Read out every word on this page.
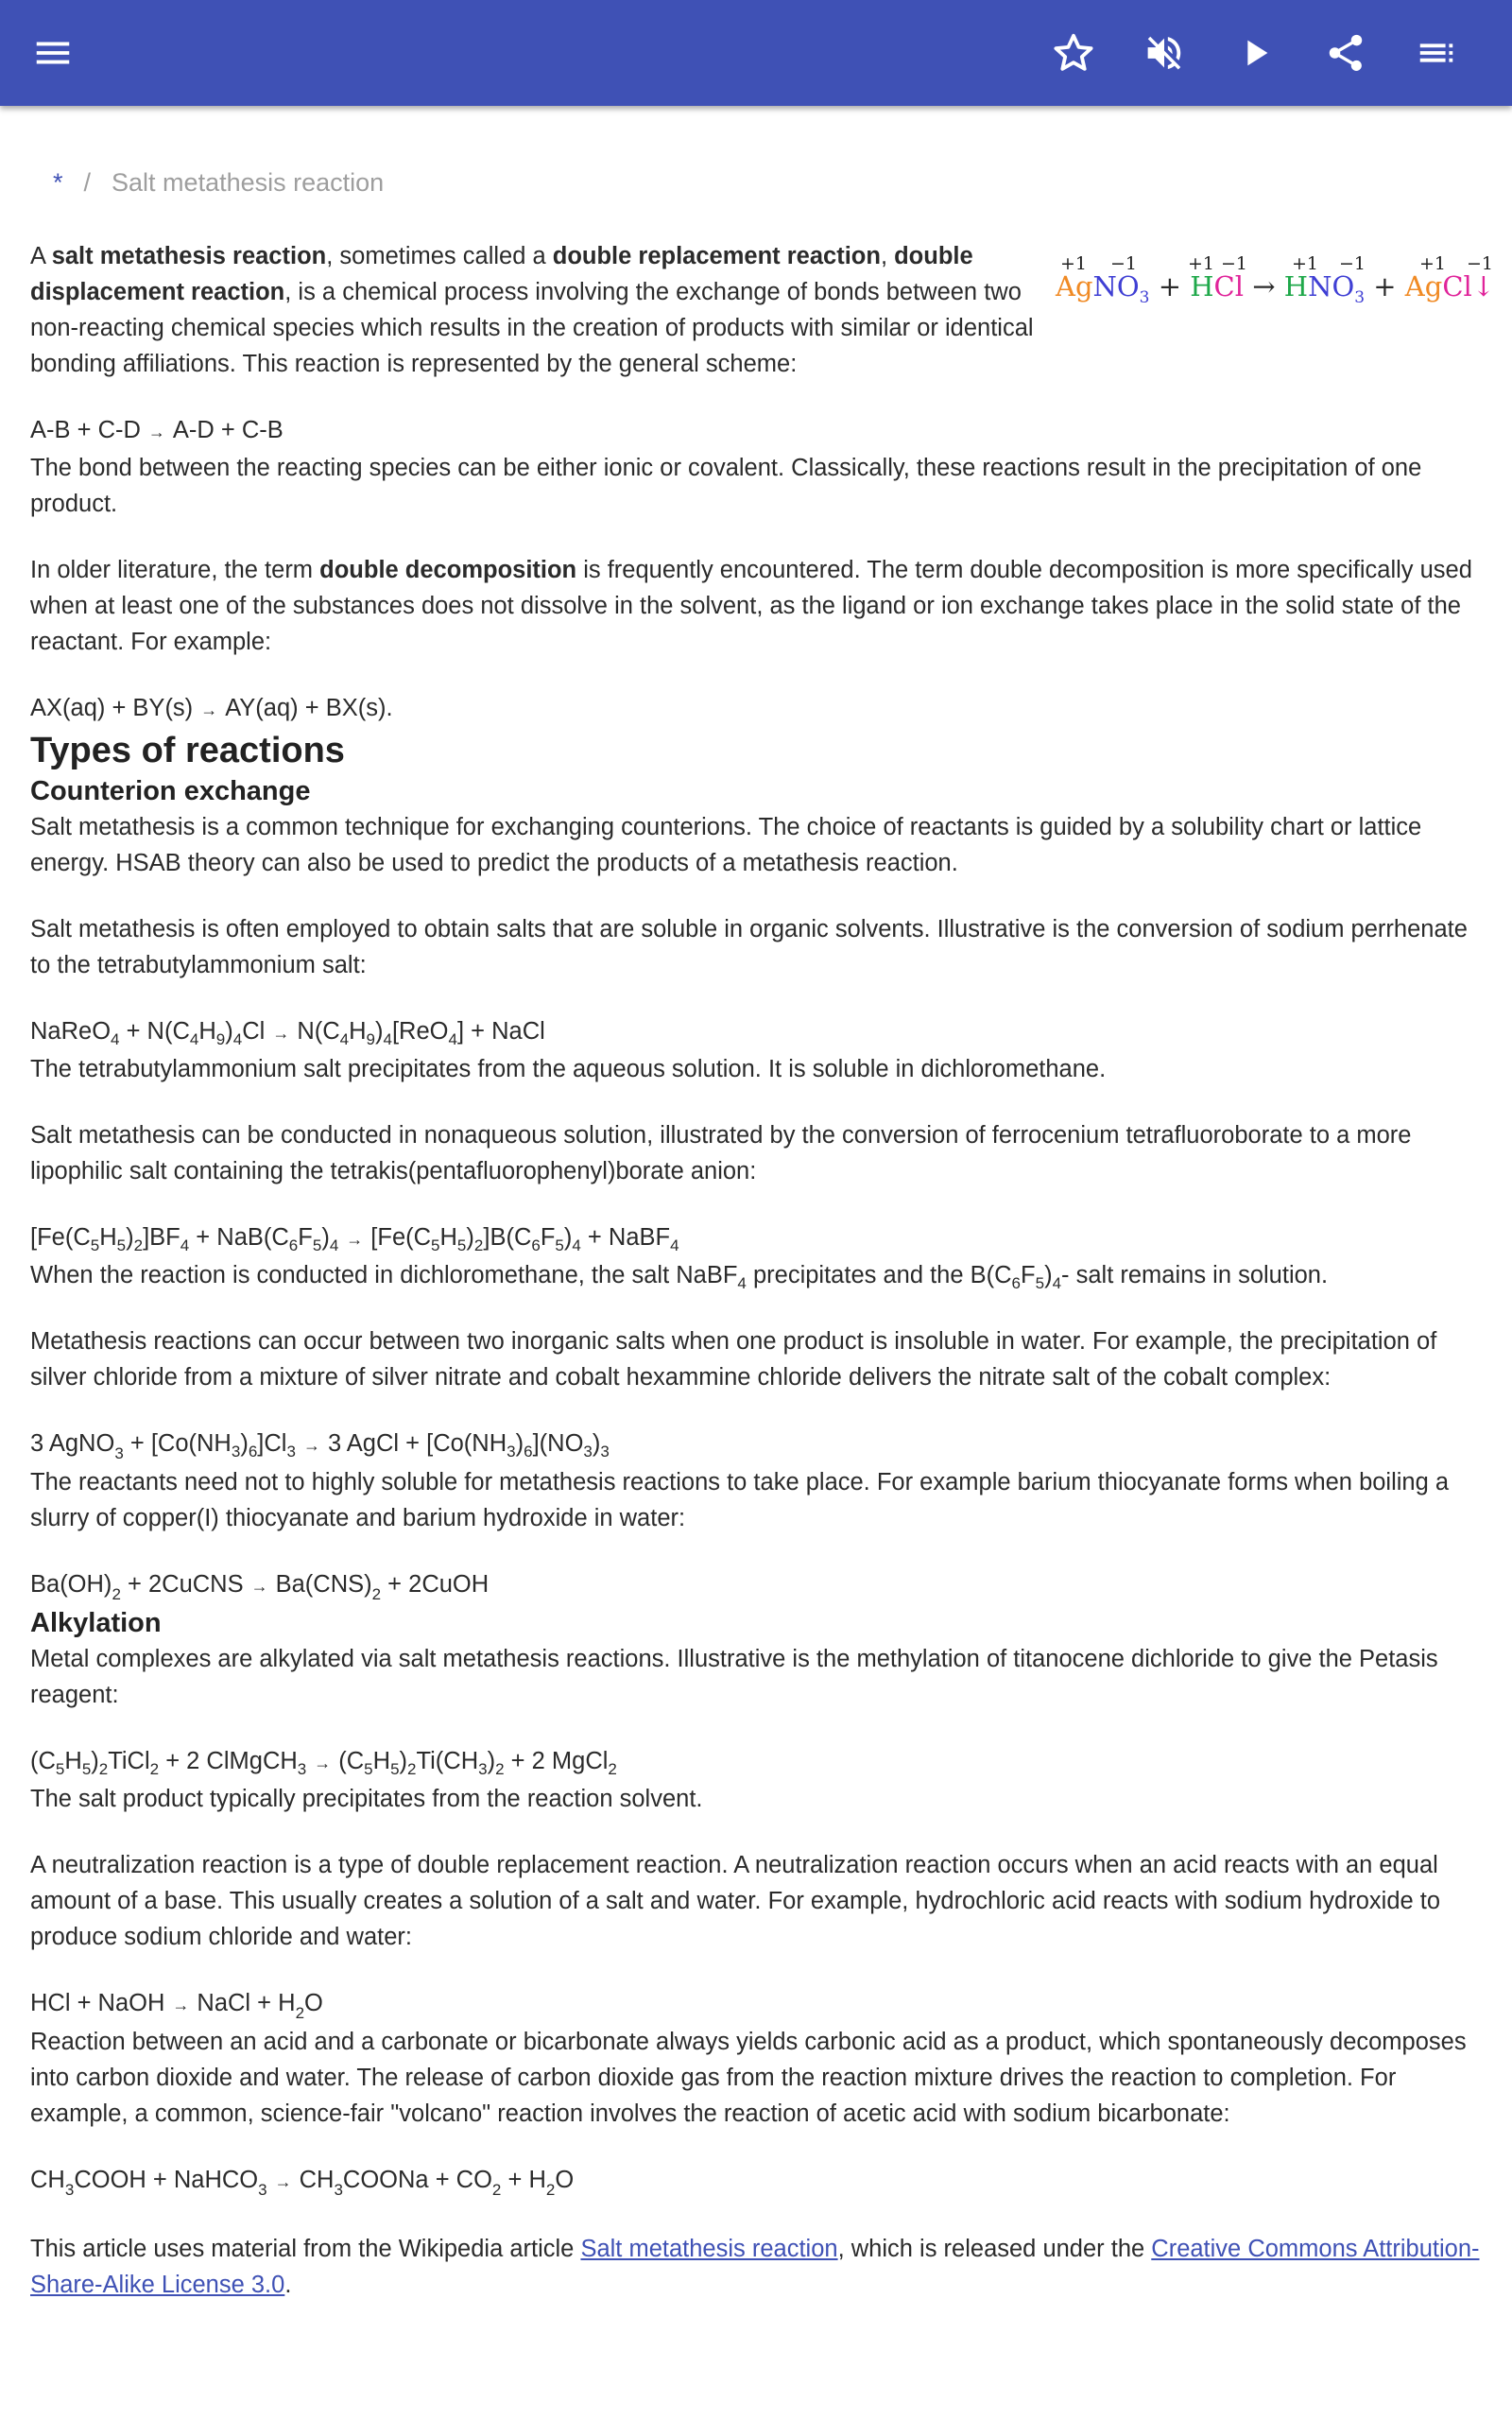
* / Salt metathesis reaction
+1 −1	+1 −1 +1 −1	+1 −1
AgNO$_3$ + HCl → $HNO_3$ + AgCl↓

A salt metathesis reaction, sometimes called a double replacement reaction, double displacement reaction, is a chemical process involving the exchange of bonds between two non-reacting chemical species which results in the creation of products with similar or identical bonding affiliations. This reaction is represented by the general scheme:

A-B + C-D → A-D + C-B

The bond between the reacting species can be either ionic or covalent. Classically, these reactions result in the precipitation of one product.

In older literature, the term double decomposition is frequently encountered. The term double decomposition is more specifically used when at least one of the substances does not dissolve in the solvent, as the ligand or ion exchange takes place in the solid state of the reactant. For example:

AX(aq) + BY(s) → AY(aq) + BX(s).

Types of reactions
Counterion exchange

Salt metathesis is a common technique for exchanging counterions. The choice of reactants is guided by a solubility chart or lattice energy. HSAB theory can also be used to predict the products of a metathesis reaction.

Salt metathesis is often employed to obtain salts that are soluble in organic solvents. Illustrative is the conversion of sodium perrhenate to the tetrabutylammonium salt:

NaReO$_4$ + $N(C_4H_9)_4Cl \to N(C_4H_9)_4[ReO_4]$ + NaCl

The tetrabutylammonium salt precipitates from the aqueous solution. It is soluble in dichloromethane.

Salt metathesis can be conducted in nonaqueous solution, illustrated by the conversion of ferrocenium tetrafluoroborate to a more lipophilic salt containing the tetrakis(pentafluorophenyl)borate anion:

$[Fe(C_5H_5)_2]BF_4 + NaB(C_6F_5)_4 \to [Fe(C_5H_5)_2]B(C_6F_5)_4$ + NaBF$_4$

When the reaction is conducted in dichloromethane, the salt NaBF$_4$ precipitates and the $B(C_6F_5)_4-$ salt remains in solution.

Metathesis reactions can occur between two inorganic salts when one product is insoluble in water. For example, the precipitation of silver chloride from a mixture of silver nitrate and cobalt hexammine chloride delivers the nitrate salt of the cobalt complex:

3 AgNO$_3$ + $[Co(NH_3)_6]Cl_3 \to 3$ AgCl + $[Co(NH_3)_6](NO_3)_3$

The reactants need not to highly soluble for metathesis reactions to take place. For example barium thiocyanate forms when boiling a slurry of copper(I) thiocyanate and barium hydroxide in water:

$Ba(OH)_2$ + 2CuCNS → $Ba(CNS)_2$ + 2CuOH

Alkylation

Metal complexes are alkylated via salt metathesis reactions. Illustrative is the methylation of titanocene dichloride to give the Petasis reagent:

$(C_5H_5)_2TiCl_2 + 2$ ClMgCH$_3$ → $(C_5H_5)_2Ti(CH_3)_2 + 2$ MgCl$_2$

The salt product typically precipitates from the reaction solvent.

A neutralization reaction is a type of double replacement reaction. A neutralization reaction occurs when an acid reacts with an equal amount of a base. This usually creates a solution of a salt and water. For example, hydrochloric acid reacts with sodium hydroxide to produce sodium chloride and water:

HCl + NaOH → NaCl + $H_2O$

Reaction between an acid and a carbonate or bicarbonate always yields carbonic acid as a product, which spontaneously decomposes into carbon dioxide and water. The release of carbon dioxide gas from the reaction mixture drives the reaction to completion. For example, a common, science-fair "volcano" reaction involves the reaction of acetic acid with sodium bicarbonate:

$CH_3COOH$ + NaHCO$_3$ → $CH_3COONa + CO_2 + H_2O$

This article uses material from the Wikipedia article Salt metathesis reaction, which is released under the Creative Commons Attribution-Share-Alike License 3.0.
